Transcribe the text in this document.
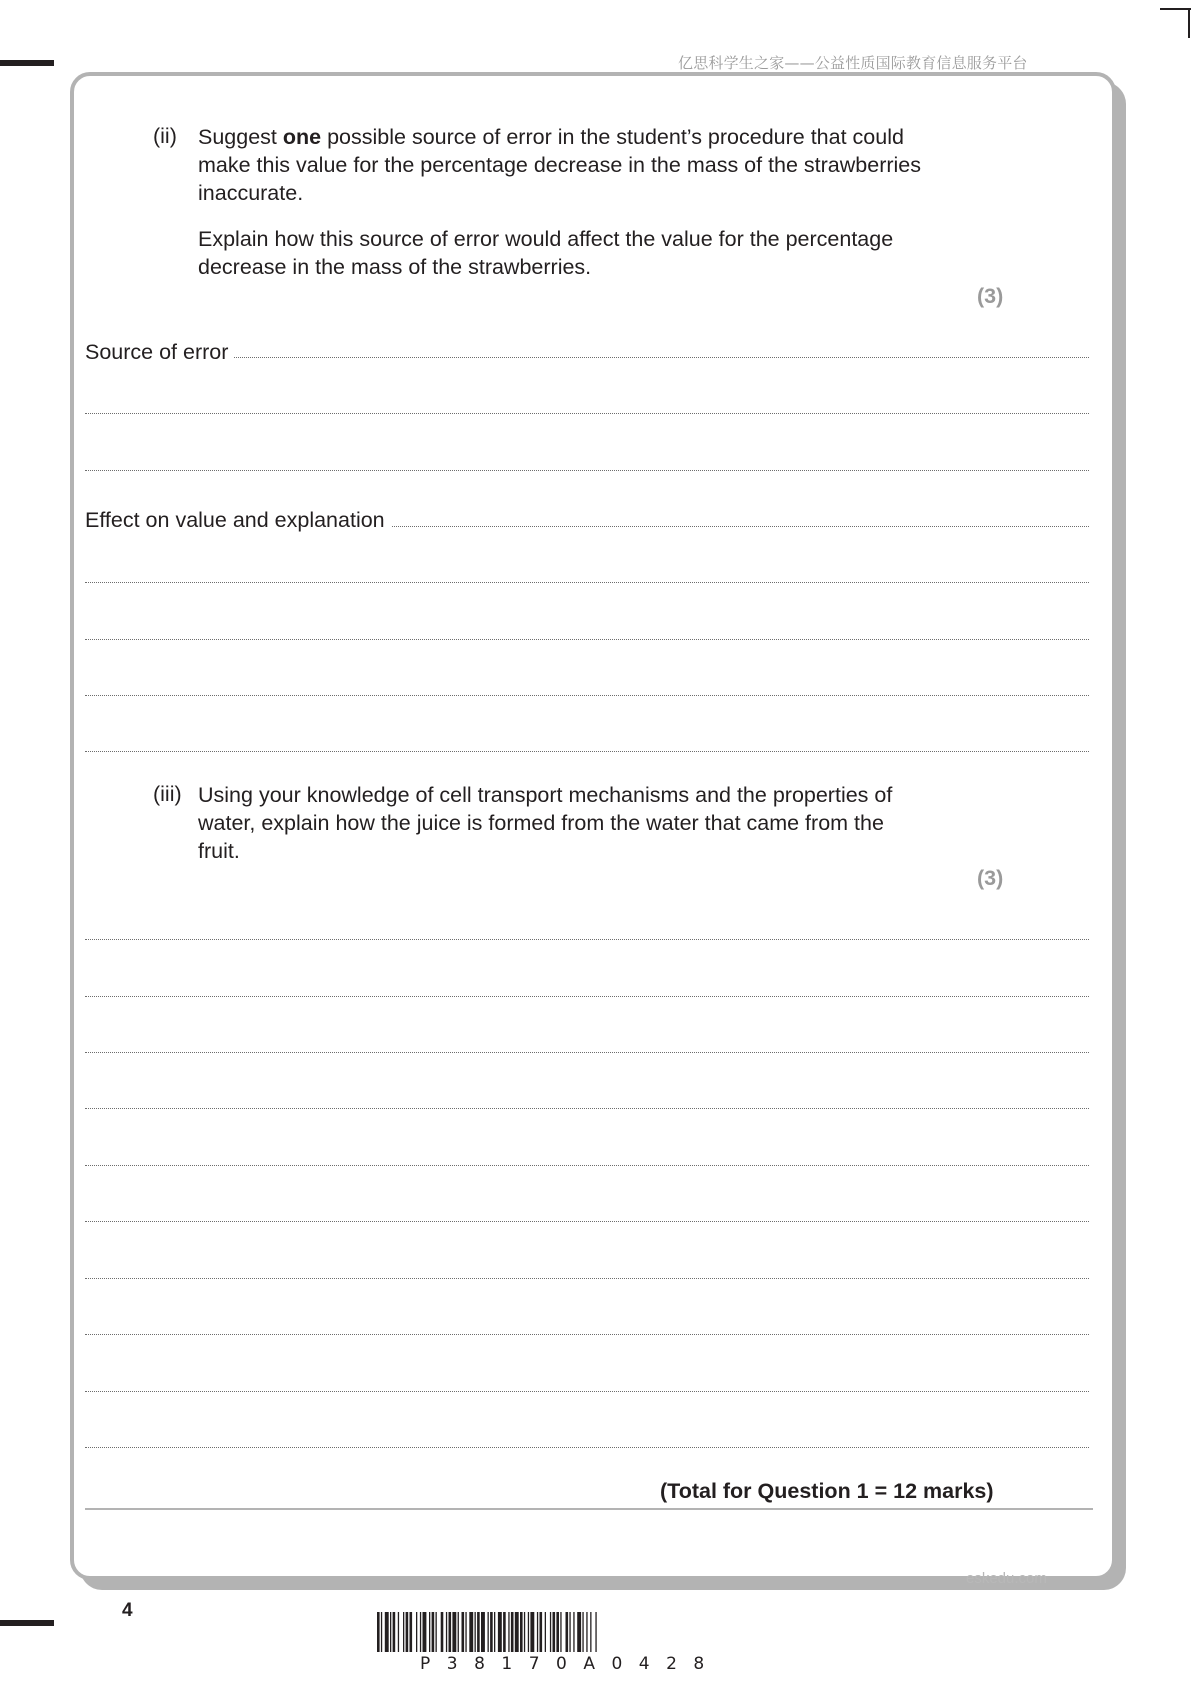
亿思科学生之家——公益性质国际教育信息服务平台
(ii) Suggest one possible source of error in the student’s procedure that could
make this value for the percentage decrease in the mass of the strawberries
inaccurate.
Explain how this source of error would affect the value for the percentage
decrease in the mass of the strawberries.
(3)
Source of error
Effect on value and explanation
(iii) Using your knowledge of cell transport mechanisms and the properties of
water, explain how the juice is formed from the water that came from the
fruit.
(3)
(Total for Question 1 = 12 marks)
eskedu.com
4
P38170A0428
